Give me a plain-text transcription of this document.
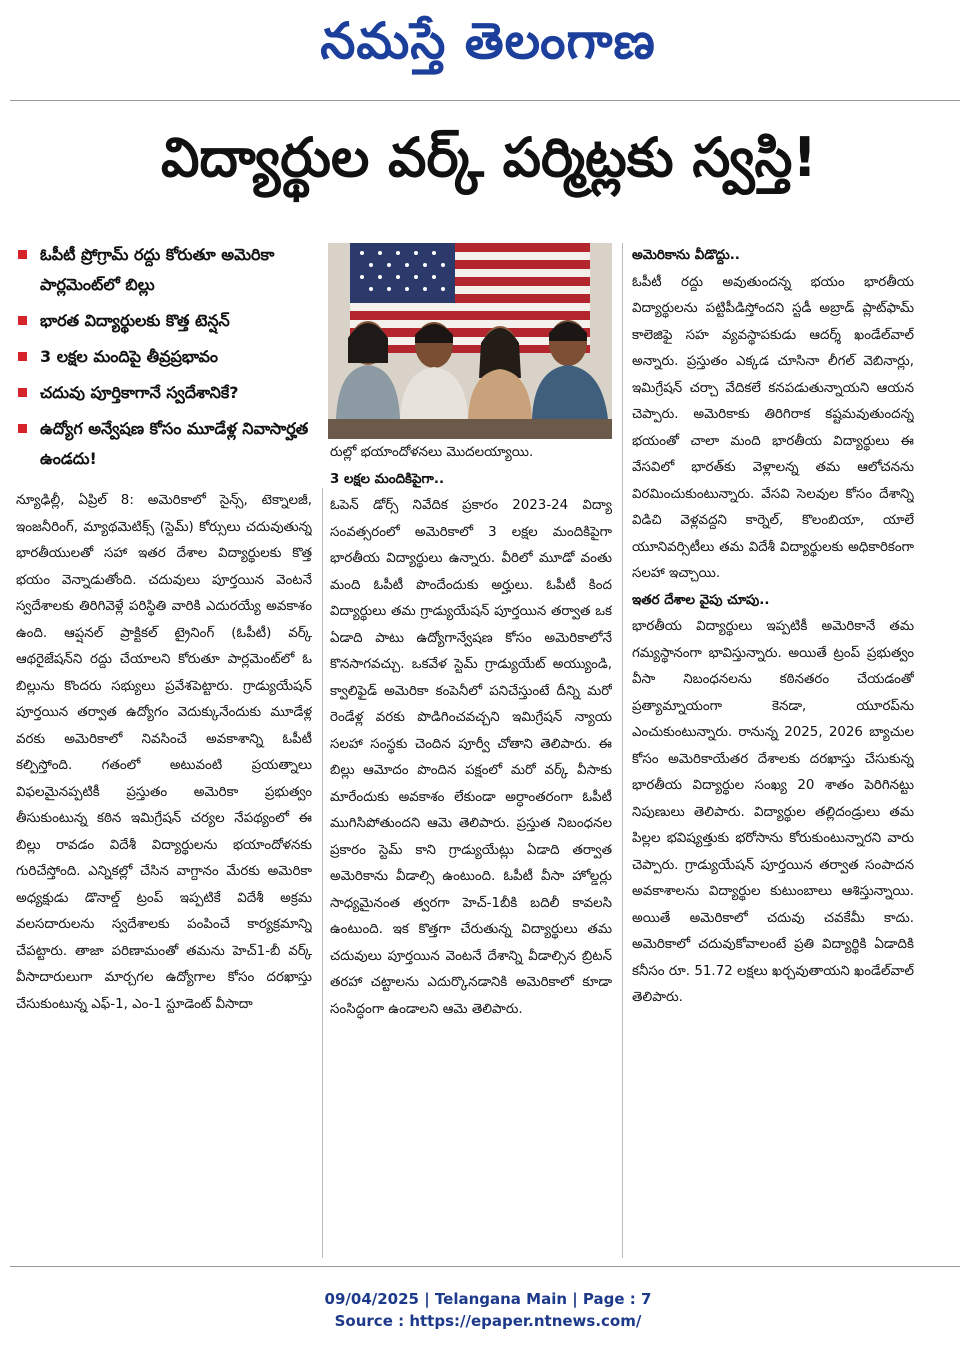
నమస్తే తెలంగాణ
విద్యార్థుల వర్క్ పర్మిట్లకు స్వస్తి!
ఓపీటీ ప్రోగ్రామ్ రద్దు కోరుతూ అమెరికా పార్లమెంట్‌లో బిల్లు
భారత విద్యార్థులకు కొత్త టెన్షన్
3 లక్షల మందిపై తీవ్రప్రభావం
చదువు పూర్తికాగానే స్వదేశానికే?
ఉద్యోగ అన్వేషణ కోసం మూడేళ్ల నివాసార్హత ఉండదు!

న్యూఢిల్లీ, ఏప్రిల్ 8: అమెరికాలో సైన్స్, టెక్నాలజీ, ఇంజనీరింగ్, మ్యాథమెటిక్స్ (స్టెమ్) కోర్సులు చదువుతున్న భారతీయులతో సహా ఇతర దేశాల విద్యార్థులకు కొత్త భయం వెన్నాడుతోంది. చదువులు పూర్తయిన వెంటనే స్వదేశాలకు తిరిగివెళ్లే పరిస్థితి వారికి ఎదురయ్యే అవకాశం ఉంది. ఆప్షనల్ ప్రాక్టికల్ ట్రైనింగ్ (ఓపీటీ) వర్క్ ఆథరైజేషన్‌ని రద్దు చేయాలని కోరుతూ పార్లమెంట్‌లో ఓ బిల్లును కొందరు సభ్యులు ప్రవేశపెట్టారు. గ్రాడ్యుయేషన్ పూర్తయిన తర్వాత ఉద్యోగం వెదుక్కునేందుకు మూడేళ్ల వరకు అమెరికాలో నివసించే అవకాశాన్ని ఓపీటీ కల్పిస్తోంది. గతంలో అటువంటి ప్రయత్నాలు విఫలమైనప్పటికీ ప్రస్తుతం అమెరికా ప్రభుత్వం తీసుకుంటున్న కఠిన ఇమిగ్రేషన్ చర్యల నేపథ్యంలో ఈ బిల్లు రావడం విదేశీ విద్యార్థులను భయాందోళనకు గురిచేస్తోంది. ఎన్నికల్లో చేసిన వాగ్దానం మేరకు అమెరికా అధ్యక్షుడు డొనాల్డ్ ట్రంప్ ఇప్పటికే విదేశీ అక్రమ వలసదారులను స్వదేశాలకు పంపించే కార్యక్రమాన్ని చేపట్టారు. తాజా పరిణామంతో తమను హెచ్1-బీ వర్క్ వీసాదారులుగా మార్చగల ఉద్యోగాల కోసం దరఖాస్తు చేసుకుంటున్న ఎఫ్-1, ఎం-1 స్టూడెంట్ వీసాదా

రుల్లో భయాందోళనలు మొదలయ్యాయి.

3 లక్షల మందికిపైగా..

ఓపెన్ డోర్స్ నివేదిక ప్రకారం 2023-24 విద్యా సంవత్సరంలో అమెరికాలో 3 లక్షల మందికిపైగా భారతీయ విద్యార్థులు ఉన్నారు. వీరిలో మూడో వంతు మంది ఓపీటీ పొందేందుకు అర్హులు. ఓపీటీ కింద విద్యార్థులు తమ గ్రాడ్యుయేషన్ పూర్తయిన తర్వాత ఒక ఏడాది పాటు ఉద్యోగాన్వేషణ కోసం అమెరికాలోనే కొనసాగవచ్చు. ఒకవేళ స్టెమ్ గ్రాడ్యుయేట్ అయ్యుండి, క్వాలిఫైడ్ అమెరికా కంపెనీలో పనిచేస్తుంటే దీన్ని మరో రెండేళ్ల వరకు పొడిగించవచ్చని ఇమిగ్రేషన్ న్యాయ సలహా సంస్థకు చెందిన పూర్వీ చోతాని తెలిపారు. ఈ బిల్లు ఆమోదం పొందిన పక్షంలో మరో వర్క్ వీసాకు మారేందుకు అవకాశం లేకుండా అర్ధాంతరంగా ఓపీటీ ముగిసిపోతుందని ఆమె తెలిపారు. ప్రస్తుత నిబంధనల ప్రకారం స్టెమ్ కాని గ్రాడ్యుయేట్లు ఏడాది తర్వాత అమెరికాను వీడాల్సి ఉంటుంది. ఓపీటీ వీసా హోల్డర్లు సాధ్యమైనంత త్వరగా హెచ్-1బీకి బదిలీ కావలసి ఉంటుంది. ఇక కొత్తగా చేరుతున్న విద్యార్థులు తమ చదువులు పూర్తయిన వెంటనే దేశాన్ని వీడాల్సిన బ్రిటన్ తరహా చట్టాలను ఎదుర్కొనడానికి అమెరికాలో కూడా సంసిద్ధంగా ఉండాలని ఆమె తెలిపారు.

అమెరికాను వీడొద్దు..

ఓపీటీ రద్దు అవుతుందన్న భయం భారతీయ విద్యార్థులను పట్టిపీడిస్తోందని స్టడీ అబ్రాడ్ ప్లాట్‌ఫామ్ కాలెజిఫై సహ వ్యవస్థాపకుడు ఆదర్శ్ ఖండేల్‌వాల్ అన్నారు. ప్రస్తుతం ఎక్కడ చూసినా లీగల్ వెబినార్లు, ఇమిగ్రేషన్ చర్చా వేదికలే కనపడుతున్నాయని ఆయన చెప్పారు. అమెరికాకు తిరిగిరాక కష్టమవుతుందన్న భయంతో చాలా మంది భారతీయ విద్యార్థులు ఈ వేసవిలో భారత్‌కు వెళ్లాలన్న తమ ఆలోచనను విరమించుకుంటున్నారు. వేసవి సెలవుల కోసం దేశాన్ని విడిచి వెళ్లవద్దని కార్నెల్, కొలంబియా, యాలే యూనివర్సిటీలు తమ విదేశీ విద్యార్థులకు అధికారికంగా సలహా ఇచ్చాయి.

ఇతర దేశాల వైపు చూపు..

భారతీయ విద్యార్థులు ఇప్పటికీ అమెరికానే తమ గమ్యస్థానంగా భావిస్తున్నారు. అయితే ట్రంప్ ప్రభుత్వం వీసా నిబంధనలను కఠినతరం చేయడంతో ప్రత్యామ్నాయంగా కెనడా, యూరప్‌ను ఎంచుకుంటున్నారు. రానున్న 2025, 2026 బ్యాచుల కోసం అమెరికాయేతర దేశాలకు దరఖాస్తు చేసుకున్న భారతీయ విద్యార్థుల సంఖ్య 20 శాతం పెరిగినట్టు నిపుణులు తెలిపారు. విద్యార్థుల తల్లిదండ్రులు తమ పిల్లల భవిష్యత్తుకు భరోసాను కోరుకుంటున్నారని వారు చెప్పారు. గ్రాడ్యుయేషన్ పూర్తయిన తర్వాత సంపాదన అవకాశాలను విద్యార్థుల కుటుంబాలు ఆశిస్తున్నాయి. అయితే అమెరికాలో చదువు చవకేమీ కాదు. అమెరికాలో చదువుకోవాలంటే ప్రతి విద్యార్థికి ఏడాదికి కనీసం రూ. 51.72 లక్షలు ఖర్చవుతాయని ఖండేల్‌వాల్ తెలిపారు.

09/04/2025 | Telangana Main | Page : 7
Source : https://epaper.ntnews.com/
